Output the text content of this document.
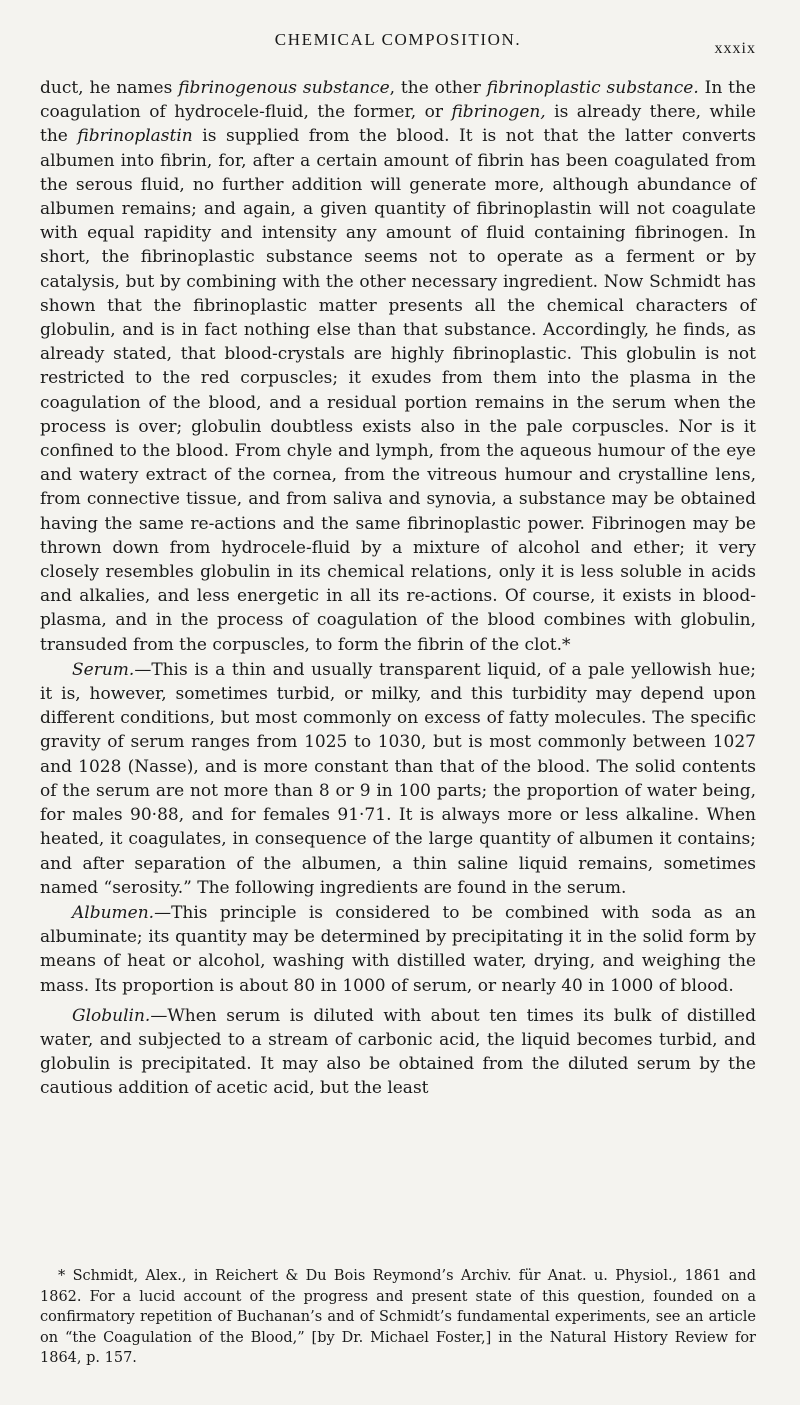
CHEMICAL COMPOSITION.	xxxix

duct, he names fibrinogenous substance, the other fibrinoplastic substance. In the coagulation of hydrocele-fluid, the former, or fibrinogen, is already there, while the fibrinoplastin is supplied from the blood. It is not that the latter converts albumen into fibrin, for, after a certain amount of fibrin has been coagulated from the serous fluid, no further addition will generate more, although abundance of albumen remains; and again, a given quantity of fibrinoplastin will not coagulate with equal rapidity and intensity any amount of fluid containing fibrinogen. In short, the fibrinoplastic substance seems not to operate as a ferment or by catalysis, but by combining with the other necessary ingredient. Now Schmidt has shown that the fibrinoplastic matter presents all the chemical characters of globulin, and is in fact nothing else than that substance. Accordingly, he finds, as already stated, that blood-crystals are highly fibrinoplastic. This globulin is not restricted to the red corpuscles; it exudes from them into the plasma in the coagulation of the blood, and a residual portion remains in the serum when the process is over; globulin doubtless exists also in the pale corpuscles. Nor is it confined to the blood. From chyle and lymph, from the aqueous humour of the eye and watery extract of the cornea, from the vitreous humour and crystalline lens, from connective tissue, and from saliva and synovia, a substance may be obtained having the same re-actions and the same fibrinoplastic power. Fibrinogen may be thrown down from hydrocele-fluid by a mixture of alcohol and ether; it very closely resembles globulin in its chemical relations, only it is less soluble in acids and alkalies, and less energetic in all its re-actions. Of course, it exists in blood-plasma, and in the process of coagulation of the blood combines with globulin, transuded from the corpuscles, to form the fibrin of the clot.*

Serum.—This is a thin and usually transparent liquid, of a pale yellowish hue; it is, however, sometimes turbid, or milky, and this turbidity may depend upon different conditions, but most commonly on excess of fatty molecules. The specific gravity of serum ranges from 1025 to 1030, but is most commonly between 1027 and 1028 (Nasse), and is more constant than that of the blood. The solid contents of the serum are not more than 8 or 9 in 100 parts; the proportion of water being, for males 90·88, and for females 91·71. It is always more or less alkaline. When heated, it coagulates, in consequence of the large quantity of albumen it contains; and after separation of the albumen, a thin saline liquid remains, sometimes named “serosity.” The following ingredients are found in the serum.

Albumen.—This principle is considered to be combined with soda as an albuminate; its quantity may be determined by precipitating it in the solid form by means of heat or alcohol, washing with distilled water, drying, and weighing the mass. Its proportion is about 80 in 1000 of serum, or nearly 40 in 1000 of blood.

Globulin.—When serum is diluted with about ten times its bulk of distilled water, and subjected to a stream of carbonic acid, the liquid becomes turbid, and globulin is precipitated. It may also be obtained from the diluted serum by the cautious addition of acetic acid, but the least

* Schmidt, Alex., in Reichert & Du Bois Reymond’s Archiv. für Anat. u. Physiol., 1861 and 1862. For a lucid account of the progress and present state of this question, founded on a confirmatory repetition of Buchanan’s and of Schmidt’s fundamental experiments, see an article on “the Coagulation of the Blood,” [by Dr. Michael Foster,] in the Natural History Review for 1864, p. 157.
